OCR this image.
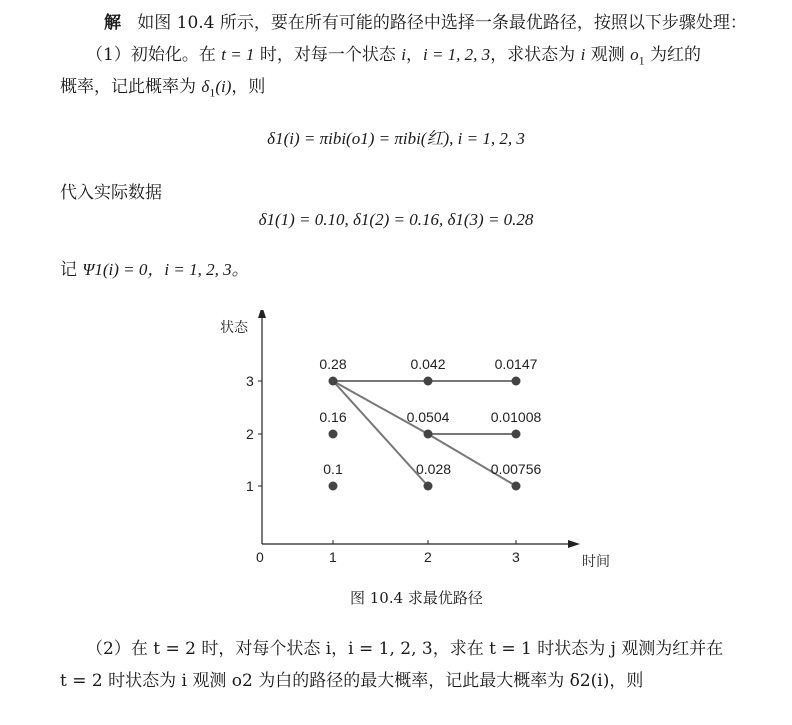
解 如图 10.4 所示，要在所有可能的路径中选择一条最优路径，按照以下步骤处理：
（1）初始化。在 t = 1 时，对每一个状态 i，i = 1, 2, 3，求状态为 i 观测 $o_1$ 为红的
概率，记此概率为 $\delta_1(i)$，则
δ1(i) = πibi(o1) = πibi(红), i = 1, 2, 3
代入实际数据
δ1(1) = 0.10, δ1(2) = 0.16, δ1(3) = 0.28
记 Ψ1(i) = 0，i = 1, 2, 3。
状态
时间
3
2
1
0	1	2	3
0.28	0.042	0.0147
0.16	0.0504	0.01008
0.1	0.028	0.00756
图 10.4 求最优路径
（2）在 t = 2 时，对每个状态 i，i = 1, 2, 3，求在 t = 1 时状态为 j 观测为红并在
t = 2 时状态为 i 观测 o2 为白的路径的最大概率，记此最大概率为 δ2(i)，则
